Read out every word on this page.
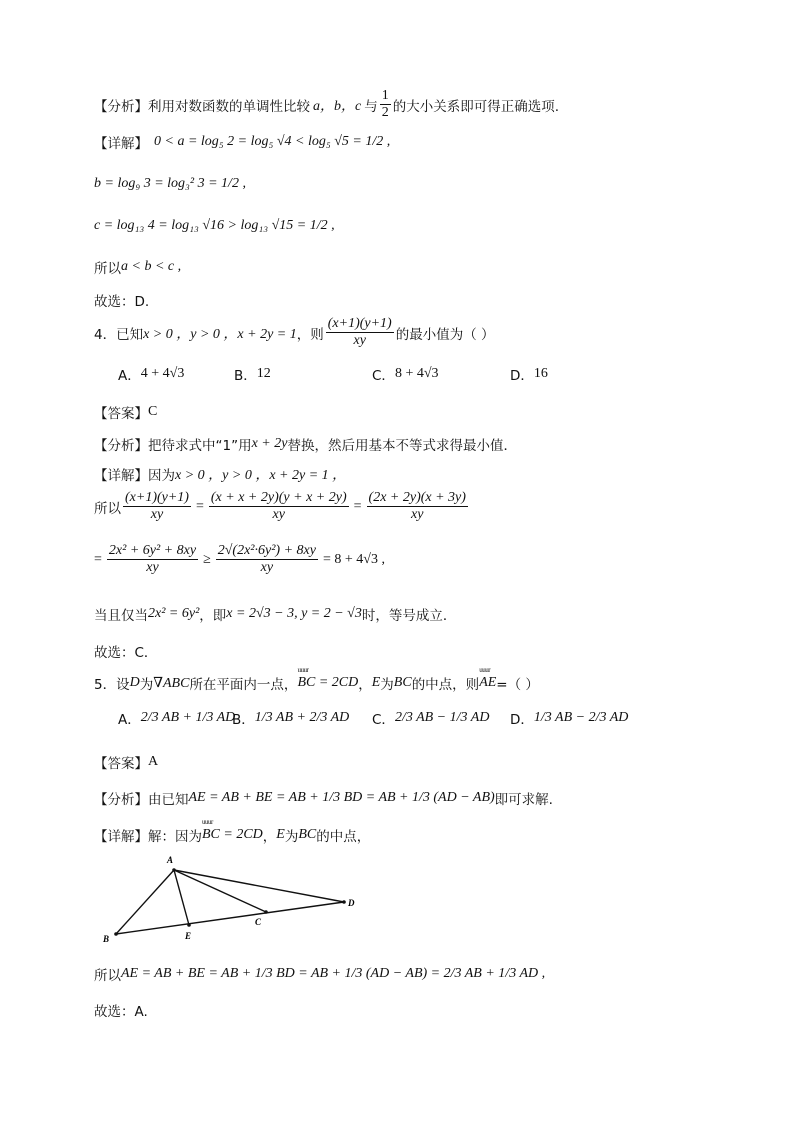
【分析】 利用对数函数的单调性比较 a，b，c 与 $\frac{1}{2}$ 的大小关系即可得正确选项.
【详解】 0 < a = log₅ 2 = log₅ √4 < log₅ √5 = 1/2 ,
b = log₉ 3 = log₃² 3 = 1/2 ,
c = log₁₃ 4 = log₁₃ √16 > log₁₃ √15 = 1/2 ,
所以 a < b < c ,
故选：D.
4．已知 x > 0 ，y > 0 ，x + 2y = 1 ，则 $\frac{(x+1)(y+1)}{xy}$ 的最小值为（ ）
A． 4 + 4√3	B． 12	C． 8 + 4√3	D． 16
【答案】 C
【分析】 把待求式中“1”用 x + 2y 替换，然后用基本不等式求得最小值．
【详解】 因为 x > 0 ，y > 0 ，x + 2y = 1 ，
所以 $\frac{(x+1)(y+1)}{xy} = \frac{(x + x + 2y)(y + x + 2y)}{xy} = \frac{(2x + 2y)(x + 3y)}{xy}$
= $\frac{\text{2x² + 6y² + 8xy}}{xy} \ge \frac{\text{2√(2x²·6y²) + 8xy}}{xy} = 8 + 4√3$ ,
当且仅当 2x² = 6y² ，即 x = 2√3 − 3, y = 2 − √3 时，等号成立．
故选：C．
5．设 D 为 ∇ABC 所在平面内一点， uuur BC = 2CD ， E 为 BC 的中点，则 uuur AE =（ ）
A． 2/3 AB + 1/3 AD
B． 1/3 AB + 2/3 AD C． 2/3 AB − 1/3 AD D． 1/3 AB − 2/3 AD
【答案】 A
【分析】 由已知 AE = AB + BE = AB + 1/3 BD = AB + 1/3 (AD − AB) 即可求解.
【详解】 解：因为 uuur BC = 2CD ， E 为 BC 的中点，
A
B	E
C
D
所以 AE = AB + BE = AB + 1/3 BD = AB + 1/3 (AD − AB) = 2/3 AB + 1/3 AD ,
故选：A.
